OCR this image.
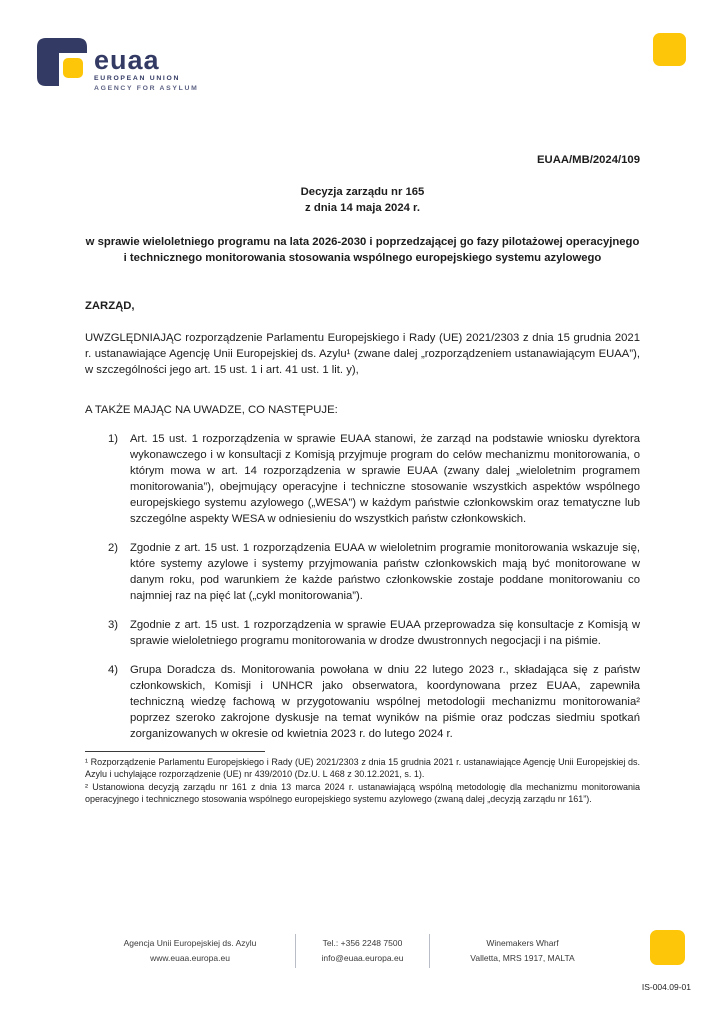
euaa
EUROPEAN UNION
AGENCY FOR ASYLUM
EUAA/MB/2024/109
Decyzja zarządu nr 165
z dnia 14 maja 2024 r.
w sprawie wieloletniego programu na lata 2026-2030 i poprzedzającej go fazy pilotażowej operacyjnego i technicznego monitorowania stosowania wspólnego europejskiego systemu azylowego
ZARZĄD,

UWZGLĘDNIAJĄC rozporządzenie Parlamentu Europejskiego i Rady (UE) 2021/2303 z dnia 15 grudnia 2021 r. ustanawiające Agencję Unii Europejskiej ds. Azylu¹ (zwane dalej „rozporządzeniem ustanawiającym EUAA”), w szczególności jego art. 15 ust. 1 i art. 41 ust. 1 lit. y),

A TAKŻE MAJĄC NA UWADZE, CO NASTĘPUJE:

1)	Art. 15 ust. 1 rozporządzenia w sprawie EUAA stanowi, że zarząd na podstawie wniosku dyrektora wykonawczego i w konsultacji z Komisją przyjmuje program do celów mechanizmu monitorowania, o którym mowa w art. 14 rozporządzenia w sprawie EUAA (zwany dalej „wieloletnim programem monitorowania”), obejmujący operacyjne i techniczne stosowanie wszystkich aspektów wspólnego europejskiego systemu azylowego („WESA”) w każdym państwie członkowskim oraz tematyczne lub szczególne aspekty WESA w odniesieniu do wszystkich państw członkowskich.
2)	Zgodnie z art. 15 ust. 1 rozporządzenia EUAA w wieloletnim programie monitorowania wskazuje się, które systemy azylowe i systemy przyjmowania państw członkowskich mają być monitorowane w danym roku, pod warunkiem że każde państwo członkowskie zostaje poddane monitorowaniu co najmniej raz na pięć lat („cykl monitorowania”).
3)	Zgodnie z art. 15 ust. 1 rozporządzenia w sprawie EUAA przeprowadza się konsultacje z Komisją w sprawie wieloletniego programu monitorowania w drodze dwustronnych negocjacji i na piśmie.
4)	Grupa Doradcza ds. Monitorowania powołana w dniu 22 lutego 2023 r., składająca się z państw członkowskich, Komisji i UNHCR jako obserwatora, koordynowana przez EUAA, zapewniła techniczną wiedzę fachową w przygotowaniu wspólnej metodologii mechanizmu monitorowania² poprzez szeroko zakrojone dyskusje na temat wyników na piśmie oraz podczas siedmiu spotkań zorganizowanych w okresie od kwietnia 2023 r. do lutego 2024 r.

¹ Rozporządzenie Parlamentu Europejskiego i Rady (UE) 2021/2303 z dnia 15 grudnia 2021 r. ustanawiające Agencję Unii Europejskiej ds. Azylu i uchylające rozporządzenie (UE) nr 439/2010 (Dz.U. L 468 z 30.12.2021, s. 1).

² Ustanowiona decyzją zarządu nr 161 z dnia 13 marca 2024 r. ustanawiającą wspólną metodologię dla mechanizmu monitorowania operacyjnego i technicznego stosowania wspólnego europejskiego systemu azylowego (zwaną dalej „decyzją zarządu nr 161”).

Agencja Unii Europejskiej ds. Azylu
www.euaa.europa.eu
Tel.: +356 2248 7500
info@euaa.europa.eu
Winemakers Wharf
Valletta, MRS 1917, MALTA
IS-004.09-01
